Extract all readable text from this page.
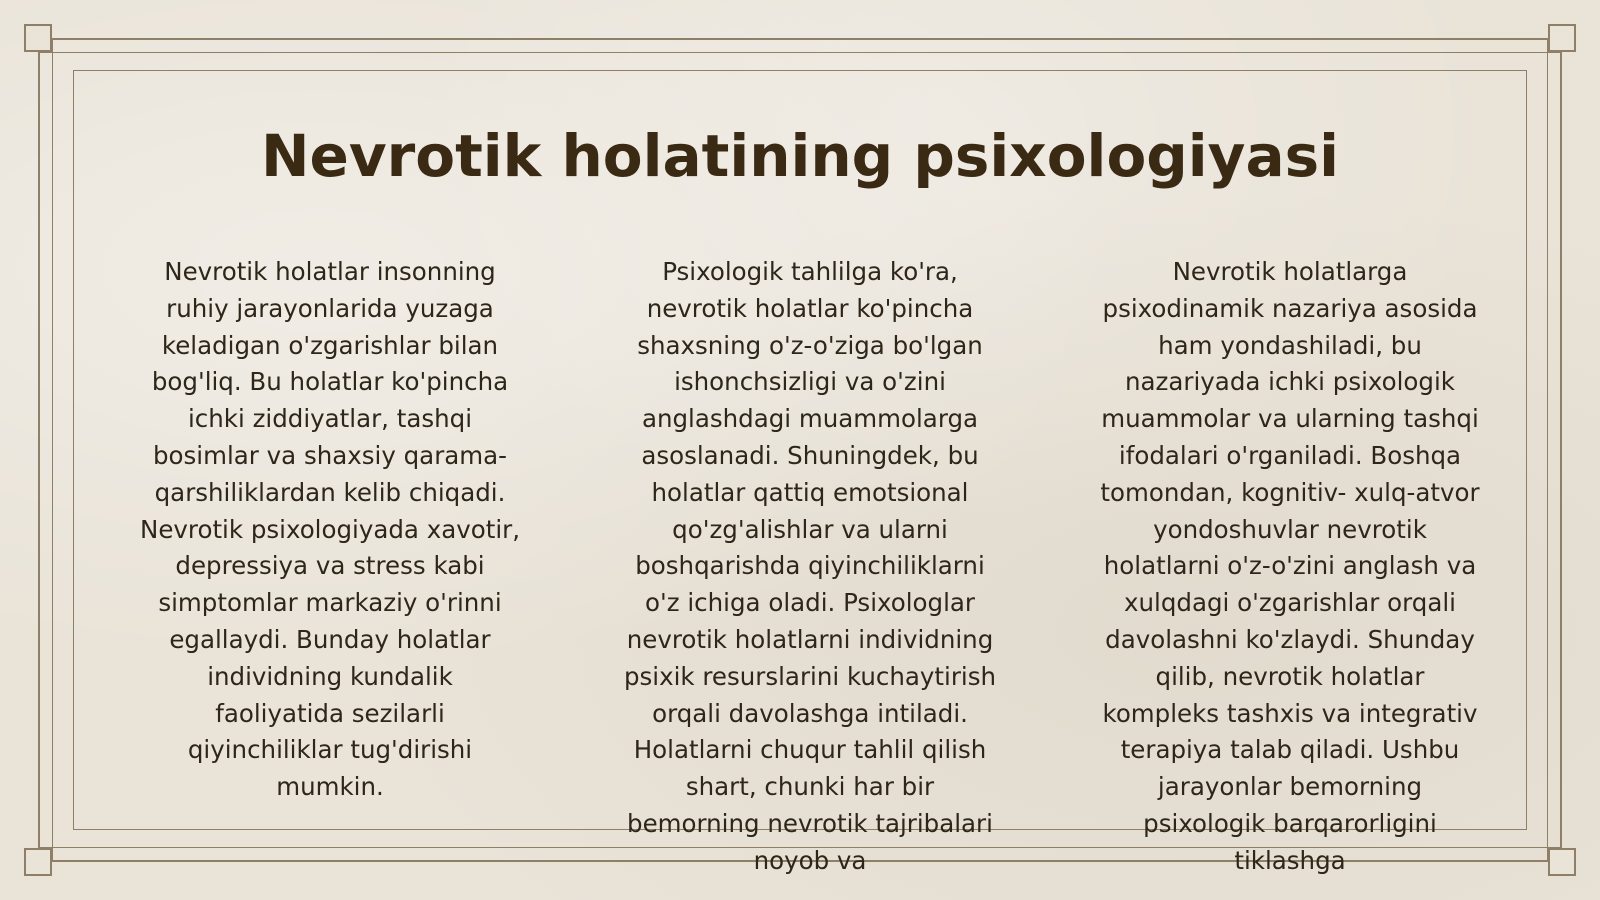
Nevrotik holatining psixologiyasi

Nevrotik holatlar insonning ruhiy jarayonlarida yuzaga keladigan o'zgarishlar bilan bog'liq. Bu holatlar ko'pincha ichki ziddiyatlar, tashqi bosimlar va shaxsiy qarama-qarshiliklardan kelib chiqadi. Nevrotik psixologiyada xavotir, depressiya va stress kabi simptomlar markaziy o'rinni egallaydi. Bunday holatlar individning kundalik faoliyatida sezilarli qiyinchiliklar tug'dirishi mumkin.

Psixologik tahlilga ko'ra, nevrotik holatlar ko'pincha shaxsning o'z-o'ziga bo'lgan ishonchsizligi va o'zini anglashdagi muammolarga asoslanadi. Shuningdek, bu holatlar qattiq emotsional qo'zg'alishlar va ularni boshqarishda qiyinchiliklarni o'z ichiga oladi. Psixologlar nevrotik holatlarni individning psixik resurslarini kuchaytirish orqali davolashga intiladi. Holatlarni chuqur tahlil qilish shart, chunki har bir bemorning nevrotik tajribalari noyob va

Nevrotik holatlarga psixodinamik nazariya asosida ham yondashiladi, bu nazariyada ichki psixologik muammolar va ularning tashqi ifodalari o'rganiladi. Boshqa tomondan, kognitiv- xulq-atvor yondoshuvlar nevrotik holatlarni o'z-o'zini anglash va xulqdagi o'zgarishlar orqali davolashni ko'zlaydi. Shunday qilib, nevrotik holatlar kompleks tashxis va integrativ terapiya talab qiladi. Ushbu jarayonlar bemorning psixologik barqarorligini tiklashga
